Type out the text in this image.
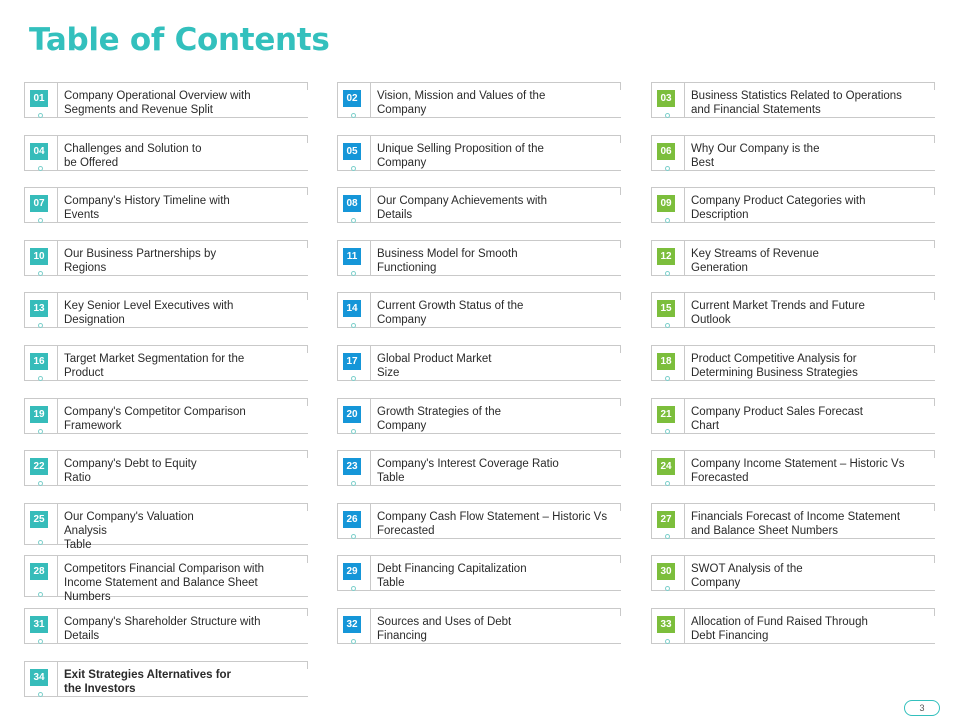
Table of Contents
01 Company Operational Overview with
Segments and Revenue Split
02 Vision, Mission and Values of the
Company
03 Business Statistics Related to Operations
and Financial Statements
04 Challenges and Solution to
be Offered
05 Unique Selling Proposition of the
Company
06 Why Our Company is the
Best
07 Company's History Timeline with
Events
08 Our Company Achievements with
Details
09 Company Product Categories with
Description
10 Our Business Partnerships by
Regions
11	Business Model for Smooth
Functioning
12 Key Streams of Revenue
Generation
13 Key Senior Level Executives with
Designation
14 Current Growth Status of the
Company
15 Current Market Trends and Future
Outlook
16 Target Market Segmentation for the
Product
17 Global Product Market
Size
18 Product Competitive Analysis for
Determining Business Strategies
19 Company's Competitor Comparison
Framework
20 Growth Strategies of the
Company
21 Company Product Sales Forecast
Chart
22 Company's Debt to Equity
Ratio
23 Company's Interest Coverage Ratio
Table
24 Company Income Statement – Historic Vs
Forecasted
25 Our Company's Valuation
Analysis
Table
26 Company Cash Flow Statement – Historic Vs
Forecasted
27 Financials Forecast of Income Statement
and Balance Sheet Numbers
28 Competitors Financial Comparison with
Income Statement and Balance Sheet
Numbers
29 Debt Financing Capitalization
Table
30 SWOT Analysis of the
Company
31 Company's Shareholder Structure with
Details
32 Sources and Uses of Debt
Financing
33 Allocation of Fund Raised Through
Debt Financing
34 Exit Strategies Alternatives for
the Investors
3
